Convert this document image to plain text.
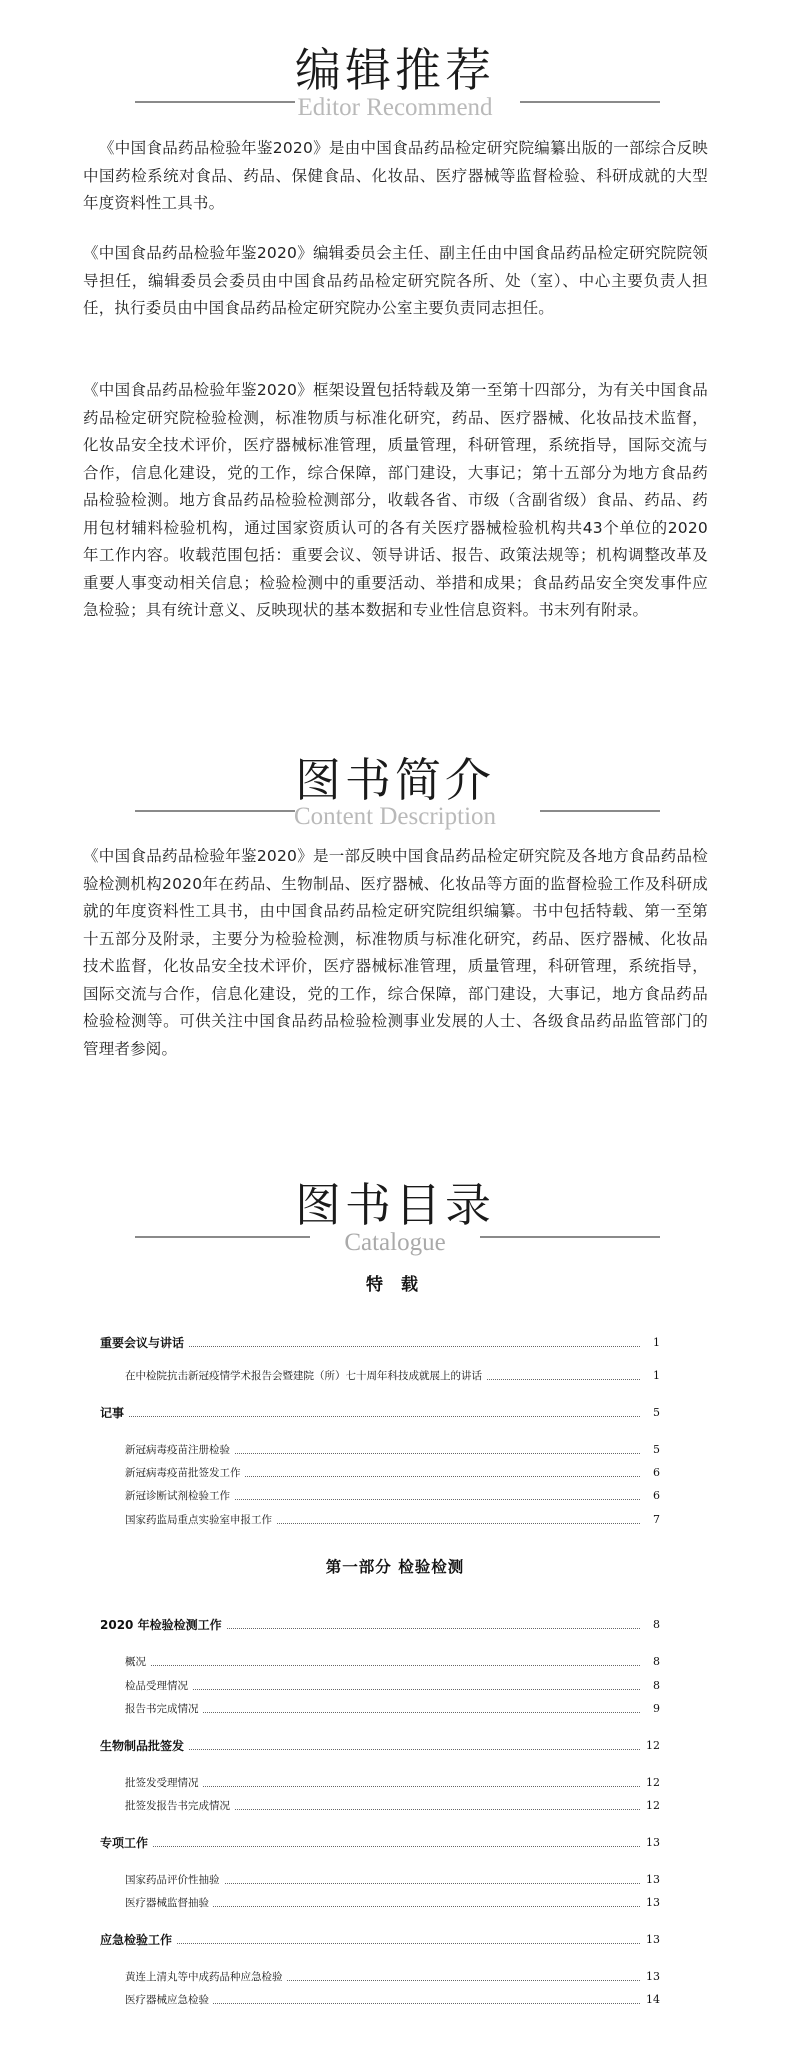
编辑推荐
Editor Recommend

《中国食品药品检验年鉴2020》是由中国食品药品检定研究院编纂出版的一部综合反映中国药检系统对食品、药品、保健食品、化妆品、医疗器械等监督检验、科研成就的大型年度资料性工具书。

《中国食品药品检验年鉴2020》编辑委员会主任、副主任由中国食品药品检定研究院院领导担任，编辑委员会委员由中国食品药品检定研究院各所、处（室）、中心主要负责人担任，执行委员由中国食品药品检定研究院办公室主要负责同志担任。

《中国食品药品检验年鉴2020》框架设置包括特载及第一至第十四部分，为有关中国食品药品检定研究院检验检测，标准物质与标准化研究，药品、医疗器械、化妆品技术监督，化妆品安全技术评价，医疗器械标准管理，质量管理，科研管理，系统指导，国际交流与合作，信息化建设，党的工作，综合保障，部门建设，大事记；第十五部分为地方食品药品检验检测。地方食品药品检验检测部分，收载各省、市级（含副省级）食品、药品、药用包材辅料检验机构，通过国家资质认可的各有关医疗器械检验机构共43个单位的2020年工作内容。收载范围包括：重要会议、领导讲话、报告、政策法规等；机构调整改革及重要人事变动相关信息；检验检测中的重要活动、举措和成果；食品药品安全突发事件应急检验；具有统计意义、反映现状的基本数据和专业性信息资料。书末列有附录。

图书简介
Content Description

《中国食品药品检验年鉴2020》是一部反映中国食品药品检定研究院及各地方食品药品检验检测机构2020年在药品、生物制品、医疗器械、化妆品等方面的监督检验工作及科研成就的年度资料性工具书，由中国食品药品检定研究院组织编纂。书中包括特载、第一至第十五部分及附录，主要分为检验检测，标准物质与标准化研究，药品、医疗器械、化妆品技术监督，化妆品安全技术评价，医疗器械标准管理，质量管理，科研管理，系统指导，国际交流与合作，信息化建设，党的工作，综合保障，部门建设，大事记，地方食品药品检验检测等。可供关注中国食品药品检验检测事业发展的人士、各级食品药品监管部门的管理者参阅。

图书目录
Catalogue
特 载
第一部分 检验检测
重要会议与讲话	1
在中检院抗击新冠疫情学术报告会暨建院（所）七十周年科技成就展上的讲话	1
记事	5
新冠病毒疫苗注册检验	5
新冠病毒疫苗批签发工作	6
新冠诊断试剂检验工作	6
国家药监局重点实验室申报工作	7
2020 年检验检测工作	8
概况	8
检品受理情况	8
报告书完成情况	9
生物制品批签发	12
批签发受理情况	12
批签发报告书完成情况	12
专项工作	13
国家药品评价性抽验	13
医疗器械监督抽验	13
应急检验工作	13
黄连上清丸等中成药品种应急检验	13
医疗器械应急检验	14
